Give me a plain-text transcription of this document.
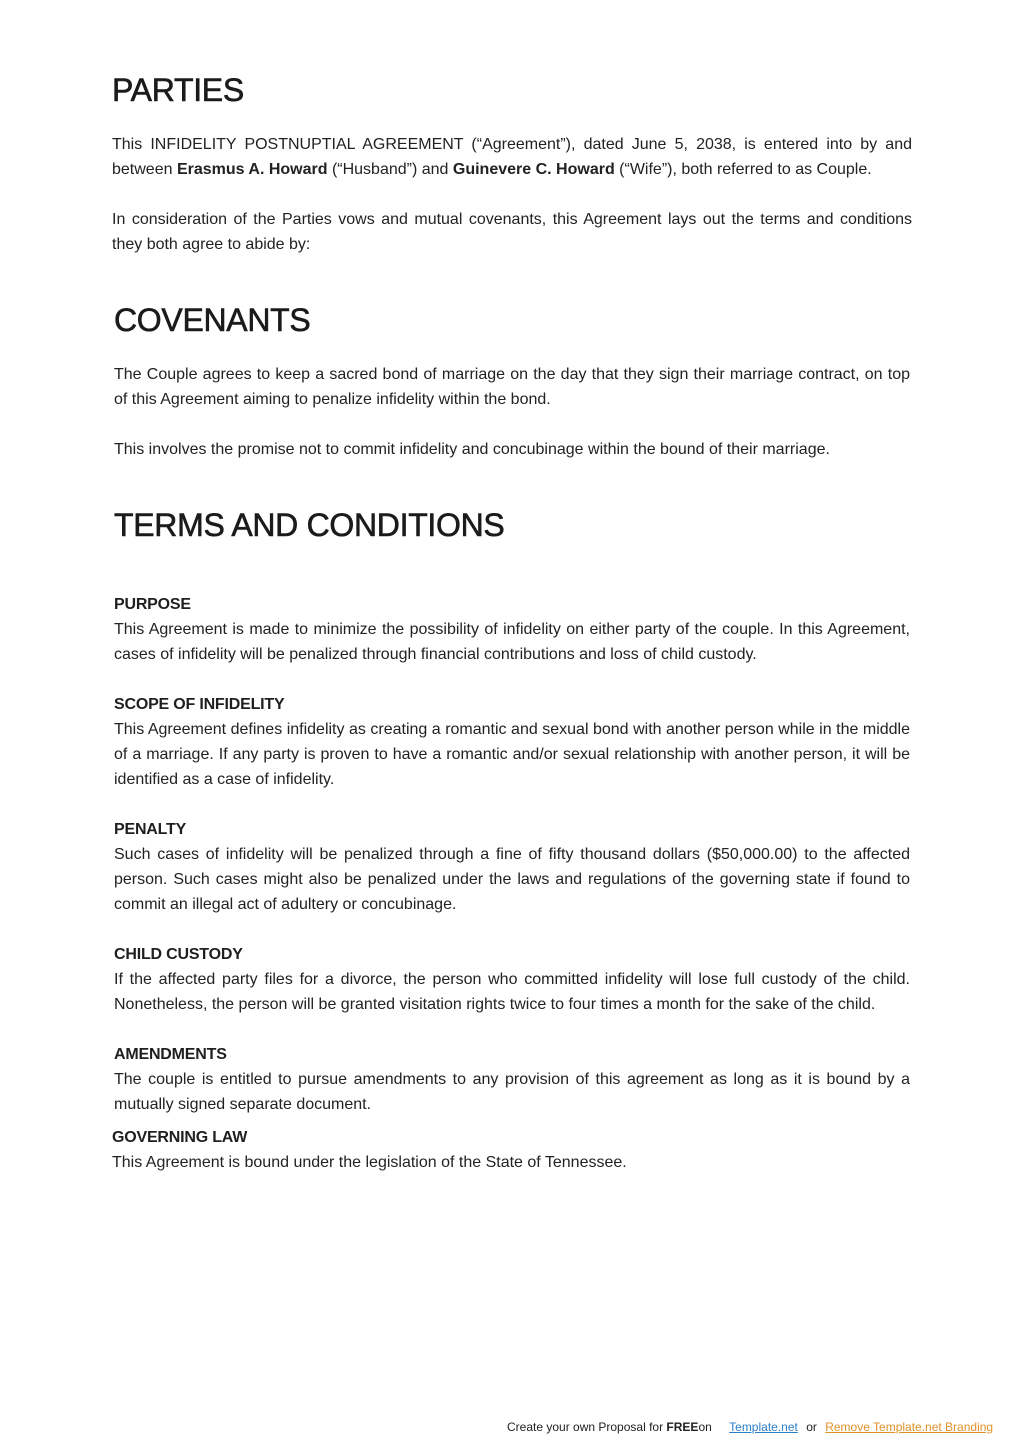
PARTIES

This INFIDELITY POSTNUPTIAL AGREEMENT (“Agreement”), dated June 5, 2038, is entered into by and between Erasmus A. Howard (“Husband”) and Guinevere C. Howard (“Wife”), both referred to as Couple.

In consideration of the Parties vows and mutual covenants, this Agreement lays out the terms and conditions they both agree to abide by:

COVENANTS

The Couple agrees to keep a sacred bond of marriage on the day that they sign their marriage contract, on top of this Agreement aiming to penalize infidelity within the bond.

This involves the promise not to commit infidelity and concubinage within the bound of their marriage.

TERMS AND CONDITIONS
PURPOSE

This Agreement is made to minimize the possibility of infidelity on either party of the couple. In this Agreement, cases of infidelity will be penalized through financial contributions and loss of child custody.

SCOPE OF INFIDELITY

This Agreement defines infidelity as creating a romantic and sexual bond with another person while in the middle of a marriage. If any party is proven to have a romantic and/or sexual relationship with another person, it will be identified as a case of infidelity.

PENALTY

Such cases of infidelity will be penalized through a fine of fifty thousand dollars ($50,000.00) to the affected person. Such cases might also be penalized under the laws and regulations of the governing state if found to commit an illegal act of adultery or concubinage.

CHILD CUSTODY

If the affected party files for a divorce, the person who committed infidelity will lose full custody of the child. Nonetheless, the person will be granted visitation rights twice to four times a month for the sake of the child.

AMENDMENTS

The couple is entitled to pursue amendments to any provision of this agreement as long as it is bound by a mutually signed separate document.

GOVERNING LAW

This Agreement is bound under the legislation of the State of Tennessee.

Create your own Proposal for FREEon Template.net or Remove Template.net Branding
